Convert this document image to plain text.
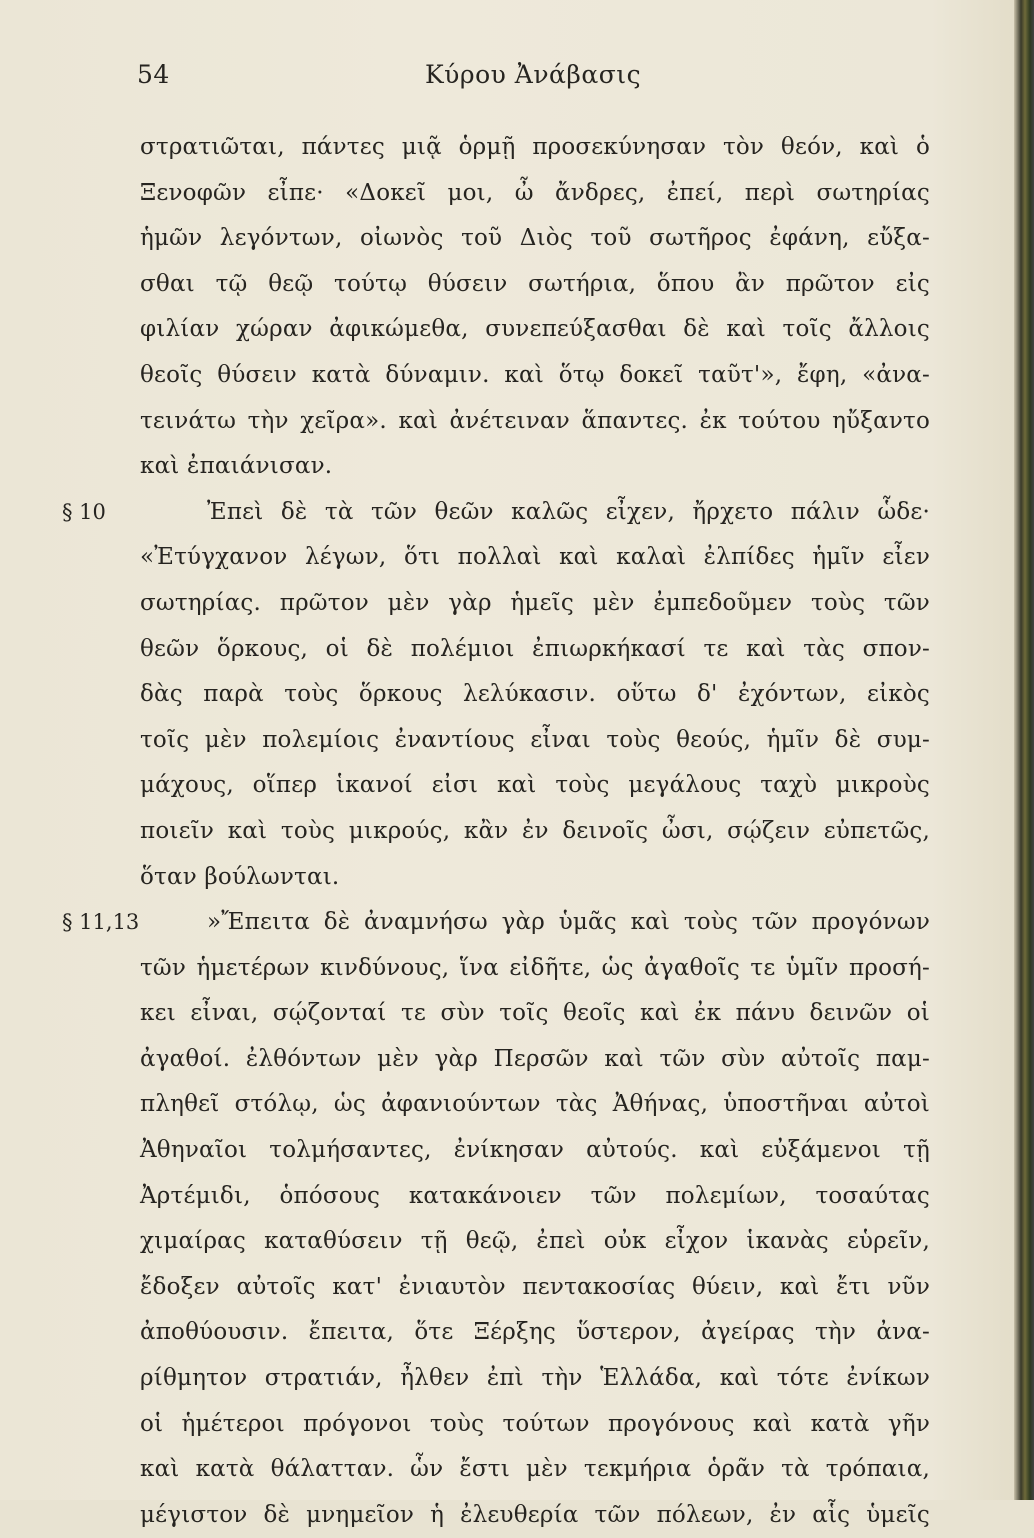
54	Κύρου Ἀνάβασις
στρατιῶται, πάντες μιᾷ ὁρμῇ προσεκύνησαν τὸν θεόν, καὶ ὁ
Ξενοφῶν εἶπε· «Δοκεῖ μοι, ὦ ἄνδρες, ἐπεί, περὶ σωτηρίας
ἡμῶν λεγόντων, οἰωνὸς τοῦ Διὸς τοῦ σωτῆρος ἐφάνη, εὔξα-
σθαι τῷ θεῷ τούτῳ θύσειν σωτήρια, ὅπου ἂν πρῶτον εἰς
φιλίαν χώραν ἀφικώμεθα, συνεπεύξασθαι δὲ καὶ τοῖς ἄλλοις
θεοῖς θύσειν κατὰ δύναμιν. καὶ ὅτῳ δοκεῖ ταῦτ'», ἔφη, «ἀνα-
τεινάτω τὴν χεῖρα». καὶ ἀνέτειναν ἅπαντες. ἐκ τούτου ηὔξαντο
καὶ ἐπαιάνισαν.
§ 10	Ἐπεὶ δὲ τὰ τῶν θεῶν καλῶς εἶχεν, ἤρχετο πάλιν ὧδε·
«Ἐτύγχανον λέγων, ὅτι πολλαὶ καὶ καλαὶ ἐλπίδες ἡμῖν εἶεν
σωτηρίας. πρῶτον μὲν γὰρ ἡμεῖς μὲν ἐμπεδοῦμεν τοὺς τῶν
θεῶν ὅρκους, οἱ δὲ πολέμιοι ἐπιωρκήκασί τε καὶ τὰς σπον-
δὰς παρὰ τοὺς ὅρκους λελύκασιν. οὕτω δ' ἐχόντων, εἰκὸς
τοῖς μὲν πολεμίοις ἐναντίους εἶναι τοὺς θεούς, ἡμῖν δὲ συμ-
μάχους, οἵπερ ἱκανοί εἰσι καὶ τοὺς μεγάλους ταχὺ μικροὺς
ποιεῖν καὶ τοὺς μικρούς, κἂν ἐν δεινοῖς ὦσι, σῴζειν εὐπετῶς,
ὅταν βούλωνται.
§ 11,13	»Ἔπειτα δὲ ἀναμνήσω γὰρ ὑμᾶς καὶ τοὺς τῶν προγόνων
τῶν ἡμετέρων κινδύνους, ἵνα εἰδῆτε, ὡς ἀγαθοῖς τε ὑμῖν προσή-
κει εἶναι, σῴζονταί τε σὺν τοῖς θεοῖς καὶ ἐκ πάνυ δεινῶν οἱ
ἀγαθοί. ἐλθόντων μὲν γὰρ Περσῶν καὶ τῶν σὺν αὐτοῖς παμ-
πληθεῖ στόλῳ, ὡς ἀφανιούντων τὰς Ἀθήνας, ὑποστῆναι αὐτοὶ
Ἀθηναῖοι τολμήσαντες, ἐνίκησαν αὐτούς. καὶ εὐξάμενοι τῇ
Ἀρτέμιδι, ὁπόσους κατακάνοιεν τῶν πολεμίων, τοσαύτας
χιμαίρας καταθύσειν τῇ θεῷ, ἐπεὶ οὐκ εἶχον ἱκανὰς εὑρεῖν,
ἔδοξεν αὐτοῖς κατ' ἐνιαυτὸν πεντακοσίας θύειν, καὶ ἔτι νῦν
ἀποθύουσιν. ἔπειτα, ὅτε Ξέρξης ὕστερον, ἀγείρας τὴν ἀνα-
ρίθμητον στρατιάν, ἦλθεν ἐπὶ τὴν Ἑλλάδα, καὶ τότε ἐνίκων
οἱ ἡμέτεροι πρόγονοι τοὺς τούτων προγόνους καὶ κατὰ γῆν
καὶ κατὰ θάλατταν. ὧν ἔστι μὲν τεκμήρια ὁρᾶν τὰ τρόπαια,
μέγιστον δὲ μνημεῖον ἡ ἐλευθερία τῶν πόλεων, ἐν αἷς ὑμεῖς
